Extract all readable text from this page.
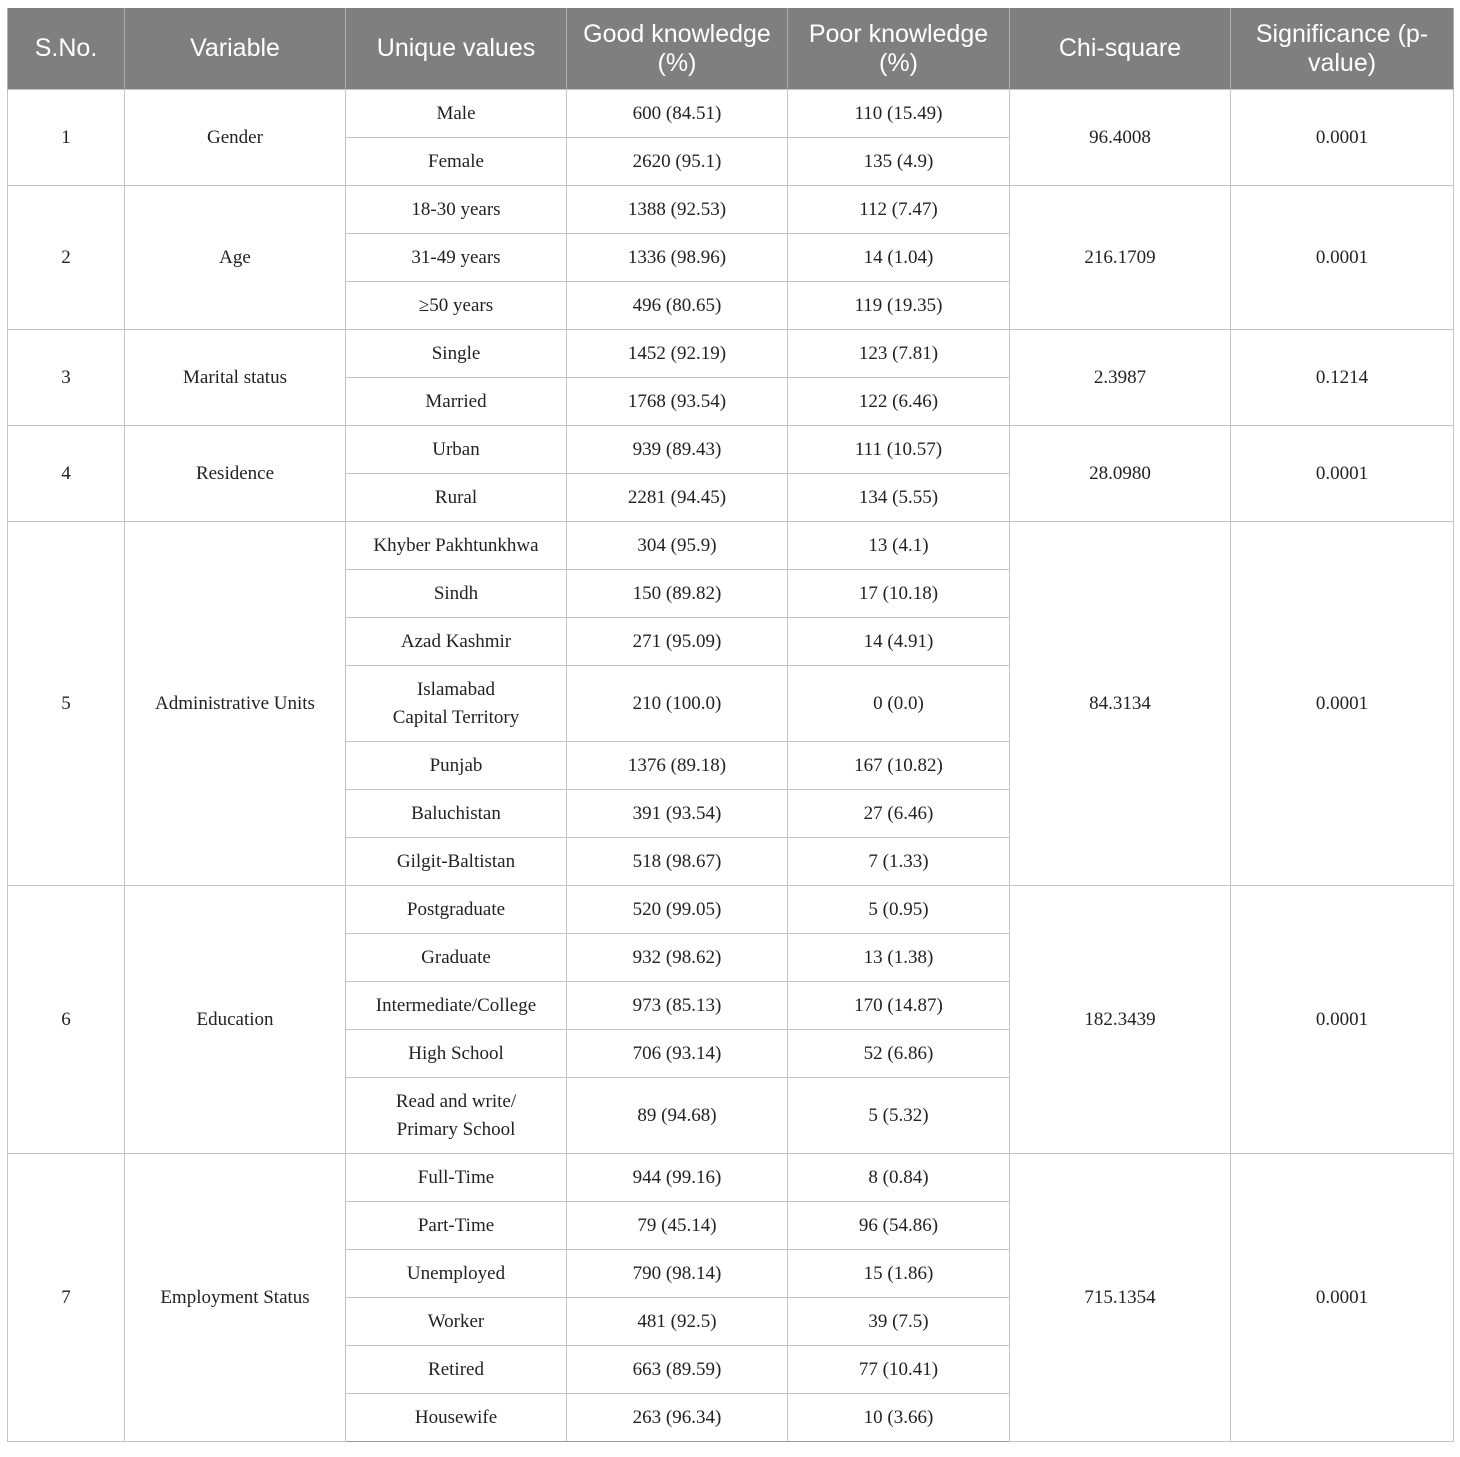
S.No.	Variable	Unique values	Good knowledge (%)	Poor knowledge (%)	Chi-square	Significance (p-value)
1	Gender	Male	600 (84.51)	110 (15.49)	96.4008	0.0001
		Female	2620 (95.1)	135 (4.9)		
2	Age	18-30 years	1388 (92.53)	112 (7.47)	216.1709	0.0001
		31-49 years	1336 (98.96)	14 (1.04)		
		≥50 years	496 (80.65)	119 (19.35)		
3	Marital status	Single	1452 (92.19)	123 (7.81)	2.3987	0.1214
		Married	1768 (93.54)	122 (6.46)		
4	Residence	Urban	939 (89.43)	111 (10.57)	28.0980	0.0001
		Rural	2281 (94.45)	134 (5.55)		
5	Administrative Units	Khyber Pakhtunkhwa	304 (95.9)	13 (4.1)	84.3134	0.0001
		Sindh	150 (89.82)	17 (10.18)		
		Azad Kashmir	271 (95.09)	14 (4.91)		
		Islamabad
Capital Territory	210 (100.0)	0 (0.0)		
		Punjab	1376 (89.18)	167 (10.82)		
		Baluchistan	391 (93.54)	27 (6.46)		
		Gilgit-Baltistan	518 (98.67)	7 (1.33)		
6	Education	Postgraduate	520 (99.05)	5 (0.95)	182.3439	0.0001
		Graduate	932 (98.62)	13 (1.38)		
		Intermediate/College	973 (85.13)	170 (14.87)		
		High School	706 (93.14)	52 (6.86)		
		Read and write/
Primary School	89 (94.68)	5 (5.32)		
7	Employment Status	Full-Time	944 (99.16)	8 (0.84)	715.1354	0.0001
		Part-Time	79 (45.14)	96 (54.86)		
		Unemployed	790 (98.14)	15 (1.86)		
		Worker	481 (92.5)	39 (7.5)		
		Retired	663 (89.59)	77 (10.41)		
		Housewife	263 (96.34)	10 (3.66)		
